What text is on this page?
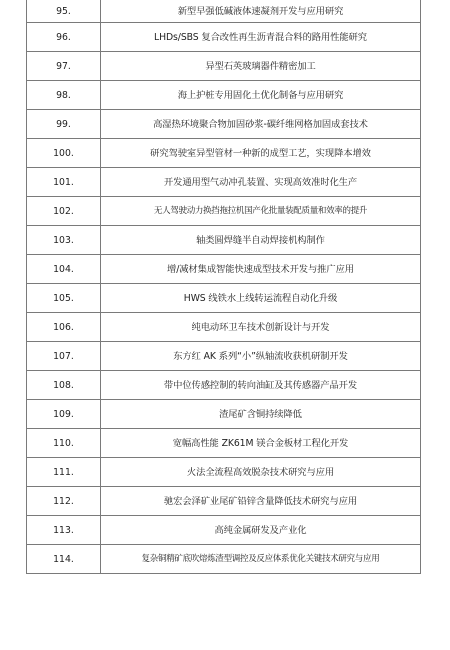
95.	新型早强低碱液体速凝剂开发与应用研究
96.	LHDs/SBS 复合改性再生沥青混合料的路用性能研究
97.	异型石英玻璃器件精密加工
98.	海上护桩专用固化土优化制备与应用研究
99.	高湿热环境聚合物加固砂浆-碳纤维网格加固成套技术
100.	研究驾驶室异型管材一种新的成型工艺，实现降本增效
101.	开发通用型气动冲孔装置、实现高效准时化生产
102.	无人驾驶动力换挡拖拉机国产化批量装配质量和效率的提升
103.	轴类圆焊缝半自动焊接机构制作
104.	增/减材集成智能快速成型技术开发与推广应用
105.	HWS 线铁水上线转运流程自动化升级
106.	纯电动环卫车技术创新设计与开发
107.	东方红 AK 系列“小”纵轴流收获机研制开发
108.	带中位传感控制的转向油缸及其传感器产品开发
109.	渣尾矿含铜持续降低
110.	宽幅高性能 ZK61M 镁合金板材工程化开发
111.	火法全流程高效脱杂技术研究与应用
112.	驰宏会泽矿业尾矿铅锌含量降低技术研究与应用
113.	高纯金属研发及产业化
114.	复杂铜精矿底吹熔炼渣型调控及反应体系优化关键技术研究与应用
